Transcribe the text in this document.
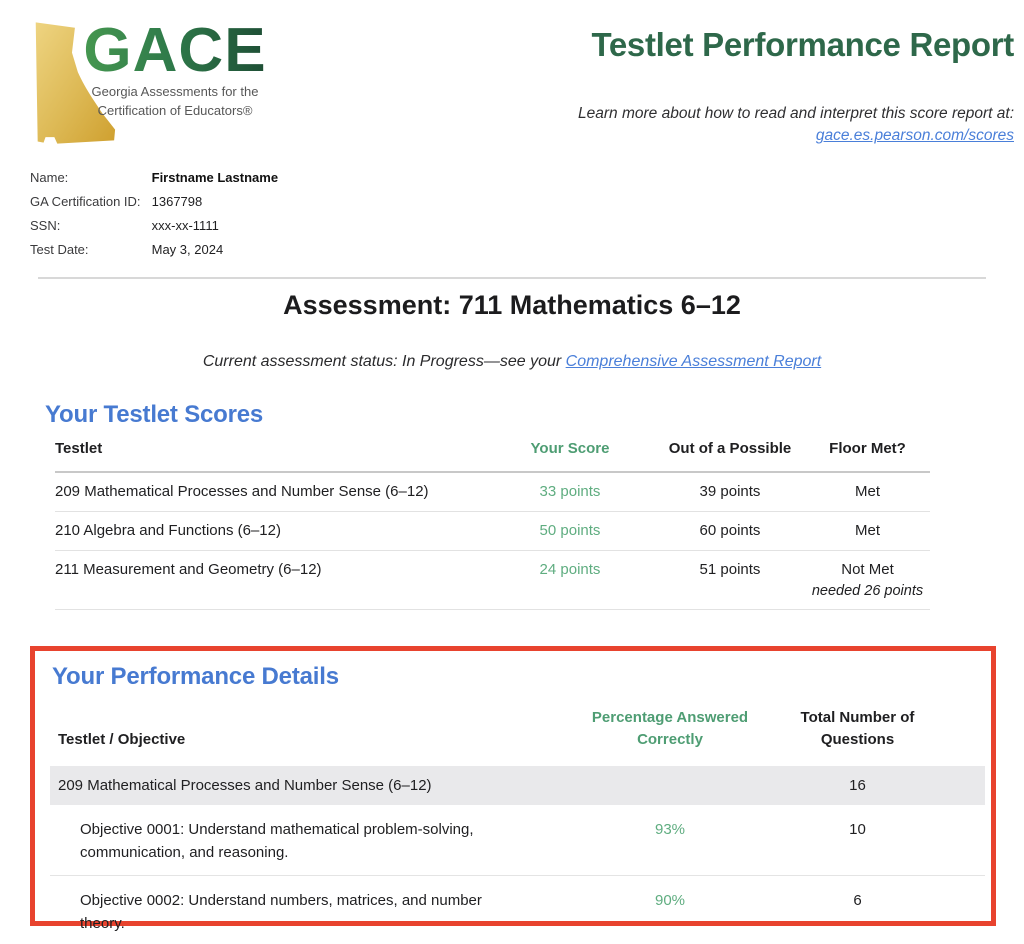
GACE
Georgia Assessments for the
Certification of Educators®
Testlet Performance Report
Learn more about how to read and interpret this score report at:
gace.es.pearson.com/scores
Name:	Firstname Lastname
GA Certification ID: 1367798
SSN:	xxx-xx-1111
Test Date:	May 3, 2024
Assessment: 711 Mathematics 6–12
Current assessment status: In Progress—see your Comprehensive Assessment Report
Your Testlet Scores
Testlet	Your Score	Out of a Possible	Floor Met?
209 Mathematical Processes and Number Sense (6–12)	33 points	39 points	Met
210 Algebra and Functions (6–12)	50 points	60 points	Met
211 Measurement and Geometry (6–12)	24 points	51 points	Not Met
needed 26 points
Your Performance Details
Testlet / Objective	Percentage Answered Correctly	Total Number of Questions
209 Mathematical Processes and Number Sense (6–12)		16
Objective 0001: Understand mathematical problem-solving, communication, and reasoning.	93%	10
Objective 0002: Understand numbers, matrices, and number theory.	90%	6
